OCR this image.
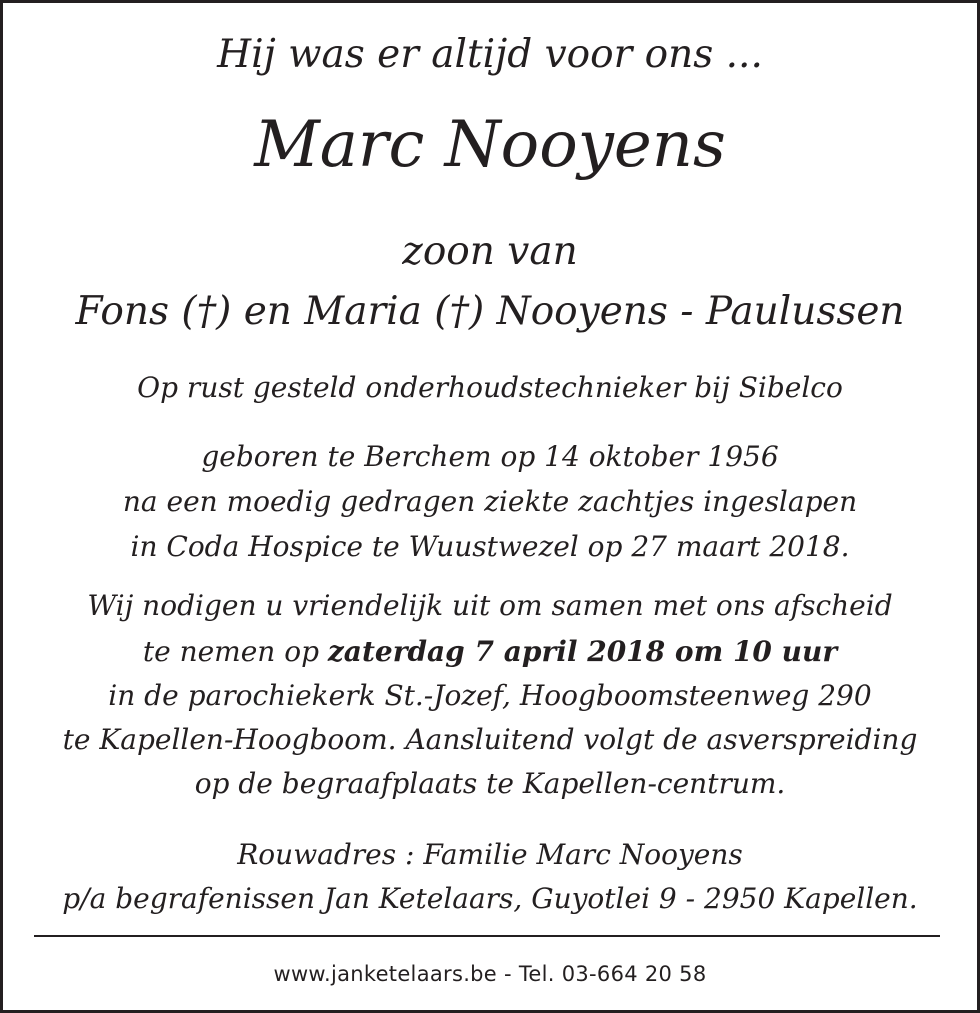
Hij was er altijd voor ons ...
Marc Nooyens
zoon van
Fons (†) en Maria (†) Nooyens - Paulussen
Op rust gesteld onderhoudstechnieker bij Sibelco
geboren te Berchem op 14 oktober 1956
na een moedig gedragen ziekte zachtjes ingeslapen
in Coda Hospice te Wuustwezel op 27 maart 2018.
Wij nodigen u vriendelijk uit om samen met ons afscheid
te nemen op zaterdag 7 april 2018 om 10 uur
in de parochiekerk St.-Jozef, Hoogboomsteenweg 290
te Kapellen-Hoogboom. Aansluitend volgt de asverspreiding
op de begraafplaats te Kapellen-centrum.
Rouwadres : Familie Marc Nooyens
p/a begrafenissen Jan Ketelaars, Guyotlei 9 - 2950 Kapellen.
www.janketelaars.be - Tel. 03-664 20 58
